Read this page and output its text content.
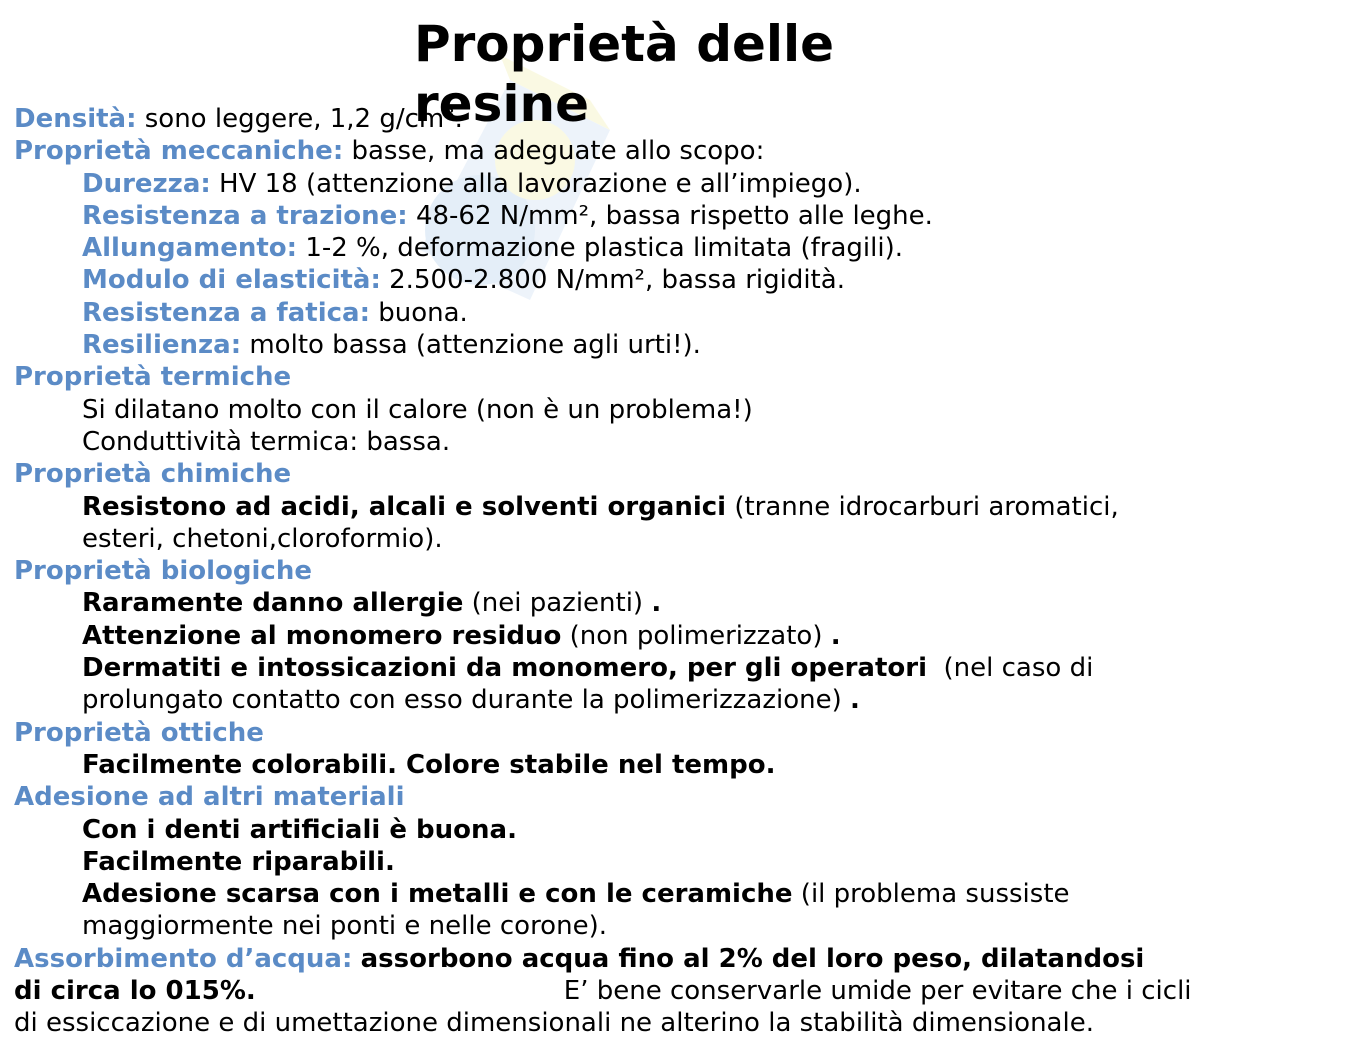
Proprietà delle resine
Densità: sono leggere, 1,2 g/cm³.
Proprietà meccaniche: basse, ma adeguate allo scopo:
Durezza: HV 18 (attenzione alla lavorazione e all’impiego).
Resistenza a trazione: 48-62 N/mm², bassa rispetto alle leghe.
Allungamento: 1-2 %, deformazione plastica limitata (fragili).
Modulo di elasticità: 2.500-2.800 N/mm², bassa rigidità.
Resistenza a fatica: buona.
Resilienza: molto bassa (attenzione agli urti!).
Proprietà termiche
Si dilatano molto con il calore (non è un problema!)
Conduttività termica: bassa.
Proprietà chimiche
Resistono ad acidi, alcali e solventi organici (tranne idrocarburi aromatici,
esteri, chetoni,cloroformio).
Proprietà biologiche
Raramente danno allergie (nei pazienti) .
Attenzione al monomero residuo (non polimerizzato) .
Dermatiti e intossicazioni da monomero, per gli operatori (nel caso di
prolungato contatto con esso durante la polimerizzazione) .
Proprietà ottiche
Facilmente colorabili. Colore stabile nel tempo.
Adesione ad altri materiali
Con i denti artificiali è buona.
Facilmente riparabili.
Adesione scarsa con i metalli e con le ceramiche (il problema sussiste
maggiormente nei ponti e nelle corone).
Assorbimento d’acqua: assorbono acqua fino al 2% del loro peso, dilatandosi
di circa lo 015%.	E’ bene conservarle umide per evitare che i cicli
di essiccazione e di umettazione dimensionali ne alterino la stabilità dimensionale.
